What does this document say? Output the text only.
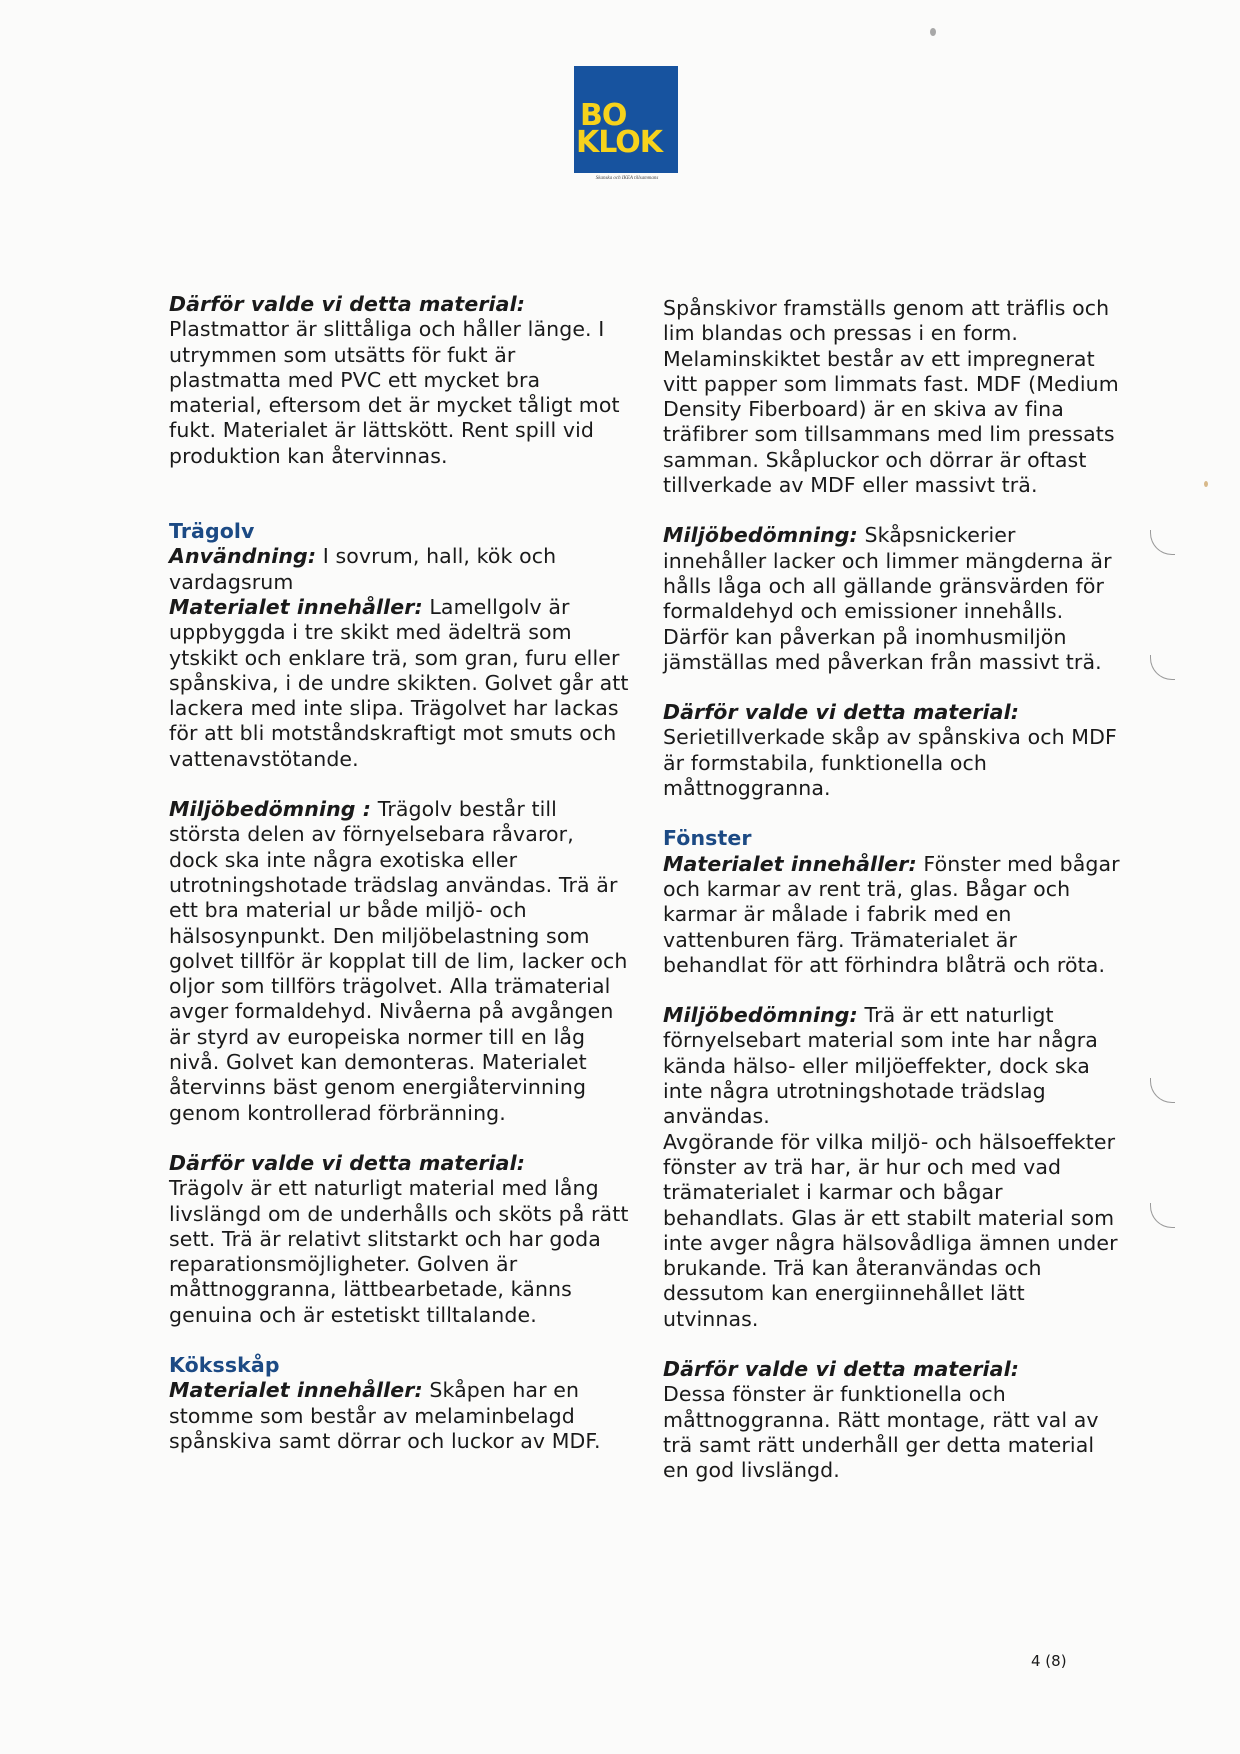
BO
KLOK
Skanska och IKEA tillsammans
Därför valde vi detta material:
Plastmattor är slittåliga och håller länge. I utrymmen som utsätts för fukt är plastmatta med PVC ett mycket bra material, eftersom det är mycket tåligt mot fukt. Materialet är lättskött. Rent spill vid produktion kan återvinnas.
Trägolv
Användning: I sovrum, hall, kök och vardagsrum
Materialet innehåller: Lamellgolv är uppbyggda i tre skikt med ädelträ som ytskikt och enklare trä, som gran, furu eller spånskiva, i de undre skikten. Golvet går att lackera med inte slipa. Trägolvet har lackas för att bli motståndskraftigt mot smuts och vattenavstötande.
Miljöbedömning : Trägolv består till största delen av förnyelsebara råvaror, dock ska inte några exotiska eller utrotningshotade trädslag användas. Trä är ett bra material ur både miljö- och hälsosynpunkt. Den miljöbelastning som golvet tillför är kopplat till de lim, lacker och oljor som tillförs trägolvet. Alla trämaterial avger formaldehyd. Nivåerna på avgången är styrd av europeiska normer till en låg nivå. Golvet kan demonteras. Materialet återvinns bäst genom energiåtervinning genom kontrollerad förbränning.
Därför valde vi detta material:
Trägolv är ett naturligt material med lång livslängd om de underhålls och sköts på rätt sett. Trä är relativt slitstarkt och har goda reparationsmöjligheter. Golven är måttnoggranna, lättbearbetade, känns genuina och är estetiskt tilltalande.
Köksskåp
Materialet innehåller: Skåpen har en stomme som består av melaminbelagd spånskiva samt dörrar och luckor av MDF.
Spånskivor framställs genom att träflis och lim blandas och pressas i en form. Melaminskiktet består av ett impregnerat vitt papper som limmats fast. MDF (Medium Density Fiberboard) är en skiva av fina träfibrer som tillsammans med lim pressats samman. Skåpluckor och dörrar är oftast tillverkade av MDF eller massivt trä.
Miljöbedömning: Skåpsnickerier innehåller lacker och limmer mängderna är hålls låga och all gällande gränsvärden för formaldehyd och emissioner innehålls. Därför kan påverkan på inomhusmiljön jämställas med påverkan från massivt trä.
Därför valde vi detta material:
Serietillverkade skåp av spånskiva och MDF är formstabila, funktionella och måttnoggranna.
Fönster
Materialet innehåller: Fönster med bågar och karmar av rent trä, glas. Bågar och karmar är målade i fabrik med en vattenburen färg. Trämaterialet är behandlat för att förhindra blåträ och röta.
Miljöbedömning: Trä är ett naturligt förnyelsebart material som inte har några kända hälso- eller miljöeffekter, dock ska inte några utrotningshotade trädslag användas.
Avgörande för vilka miljö- och hälsoeffekter fönster av trä har, är hur och med vad trämaterialet i karmar och bågar behandlats. Glas är ett stabilt material som inte avger några hälsovådliga ämnen under brukande. Trä kan återanvändas och dessutom kan energiinnehållet lätt utvinnas.
Därför valde vi detta material:
Dessa fönster är funktionella och måttnoggranna. Rätt montage, rätt val av trä samt rätt underhåll ger detta material en god livslängd.
4 (8)
